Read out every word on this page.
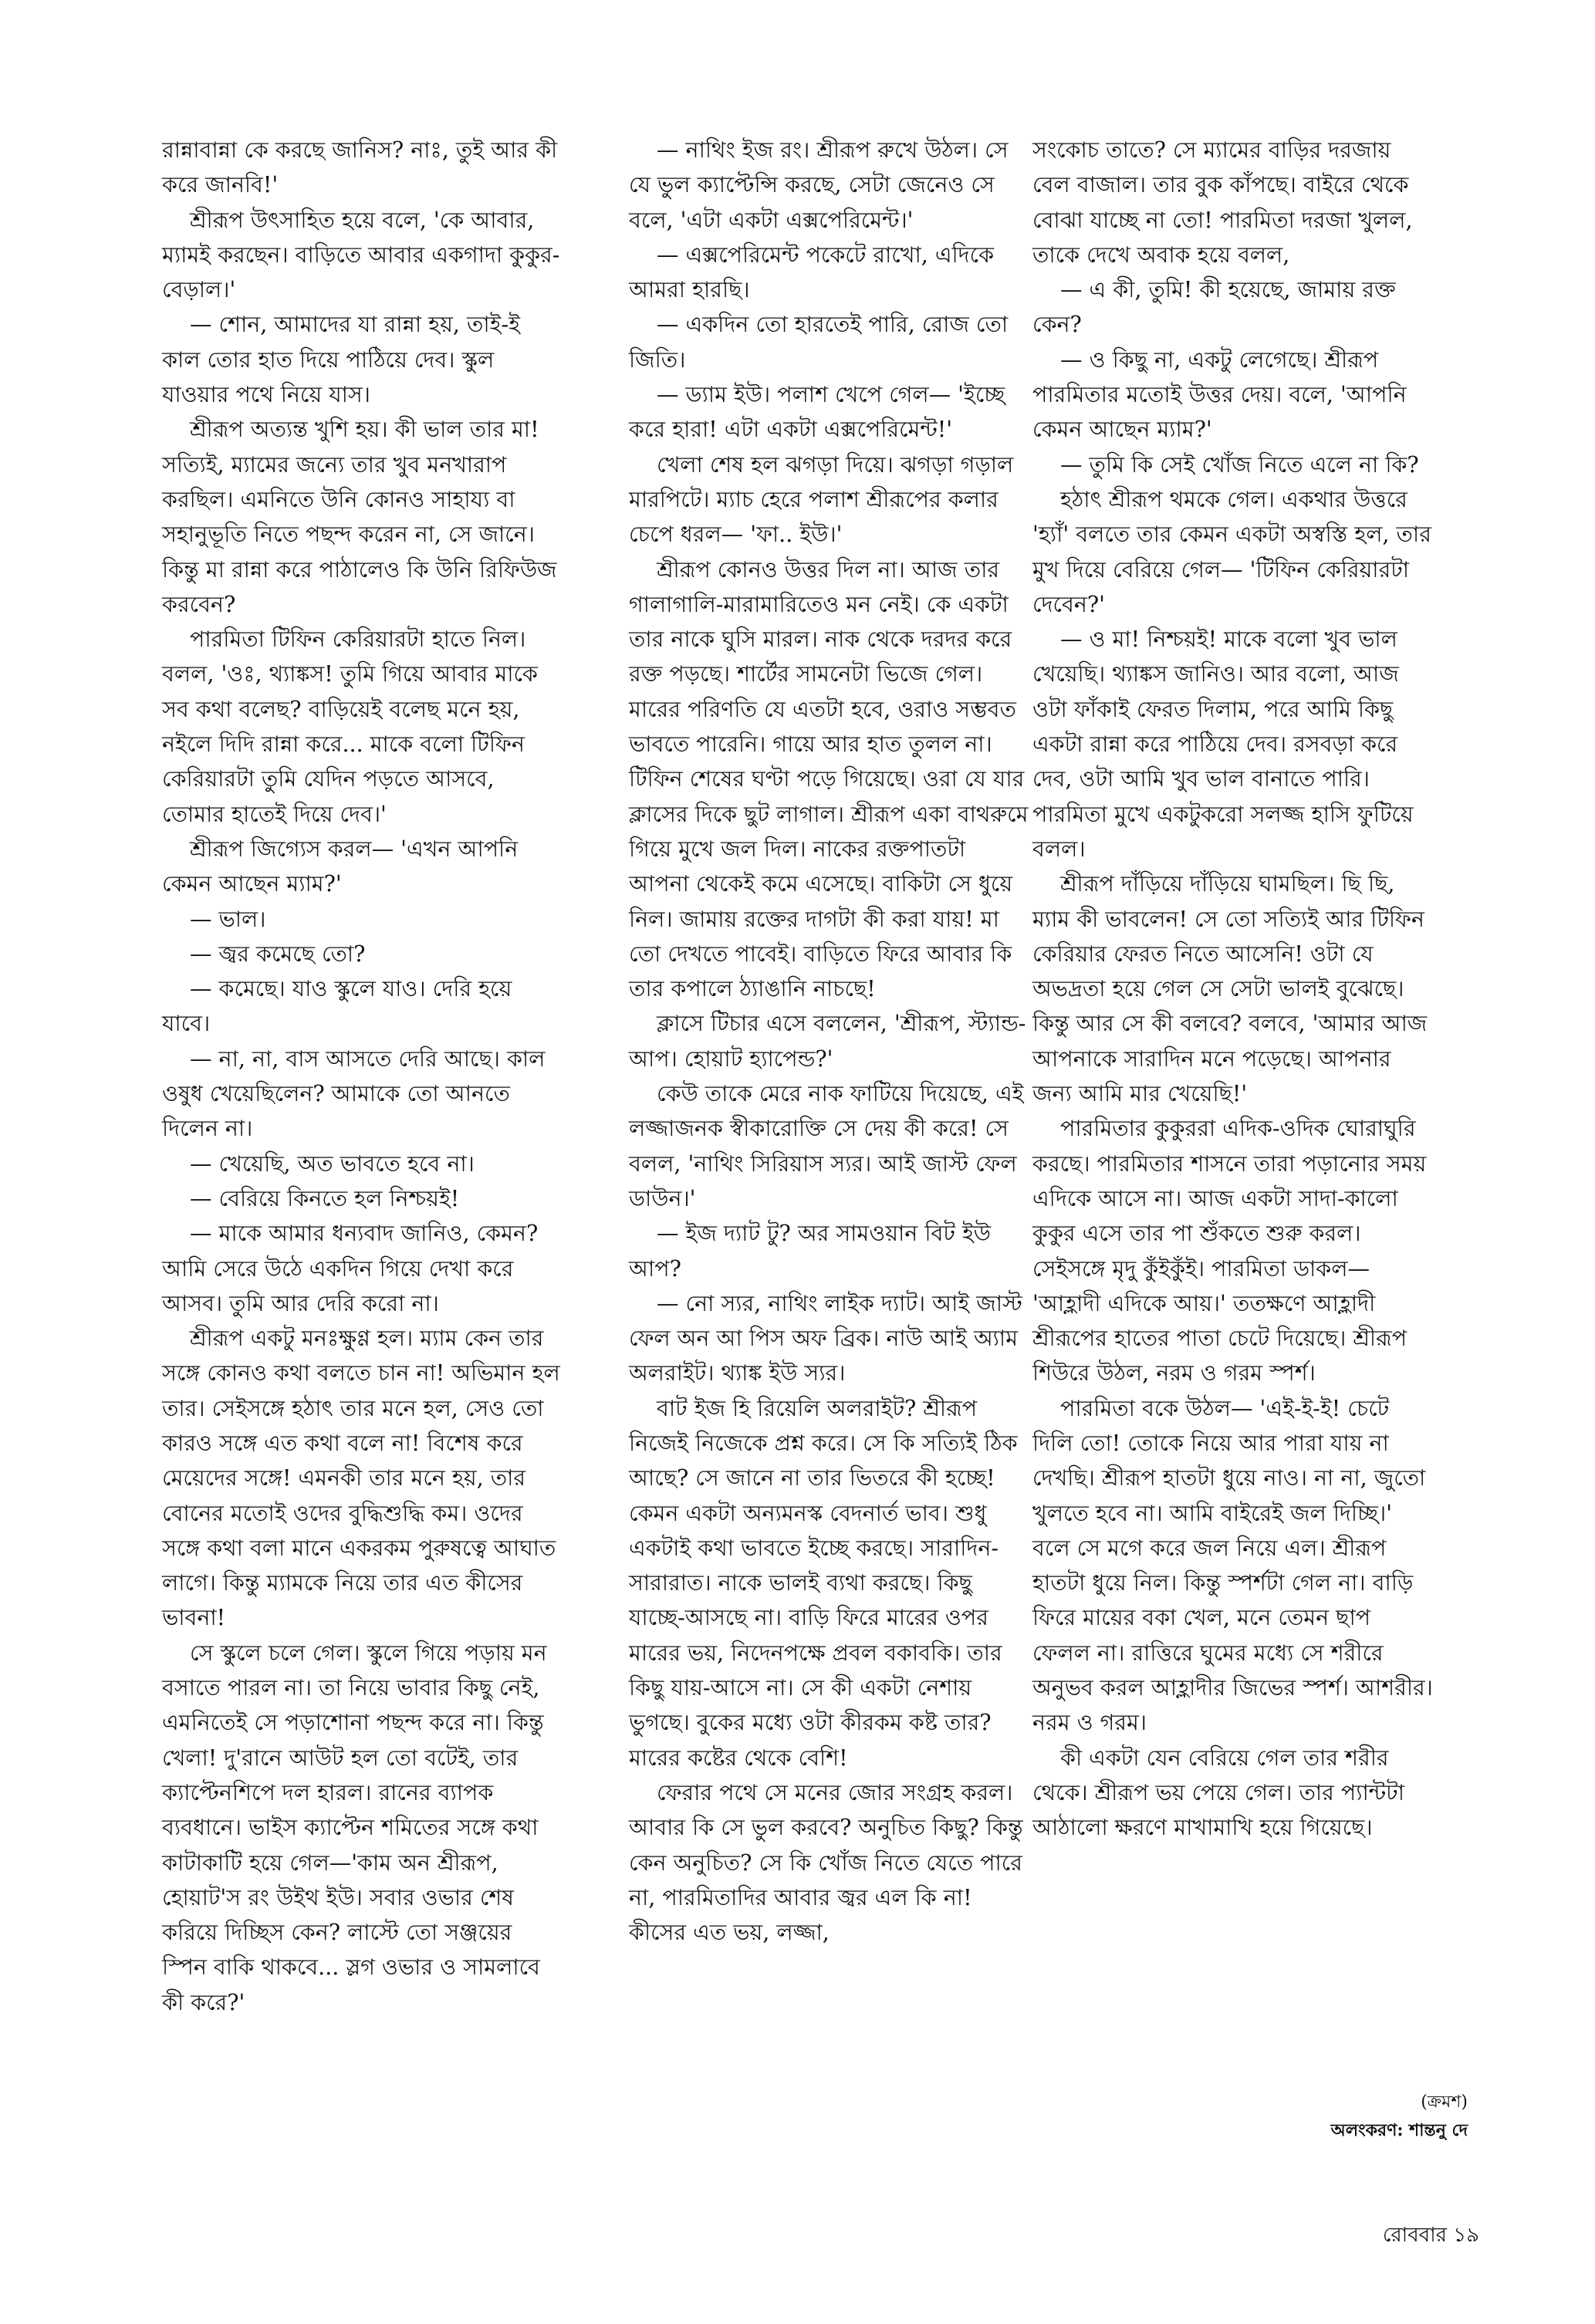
রান্নাবান্না কে করছে জানিস? নাঃ, তুই আর কী করে জানবি!'

শ্রীরূপ উৎসাহিত হয়ে বলে, 'কে আবার, ম্যামই করছেন। বাড়িতে আবার একগাদা কুকুর-বেড়াল।'

— শোন, আমাদের যা রান্না হয়, তাই-ই কাল তোর হাত দিয়ে পাঠিয়ে দেব। স্কুল যাওয়ার পথে নিয়ে যাস।

শ্রীরূপ অত্যন্ত খুশি হয়। কী ভাল তার মা! সত্যিই, ম্যামের জন্যে তার খুব মনখারাপ করছিল। এমনিতে উনি কোনও সাহায্য বা সহানুভূতি নিতে পছন্দ করেন না, সে জানে। কিন্তু মা রান্না করে পাঠালেও কি উনি রিফিউজ করবেন?

পারমিতা টিফিন কেরিয়ারটা হাতে নিল। বলল, 'ওঃ, থ্যাঙ্কস! তুমি গিয়ে আবার মাকে সব কথা বলেছ? বাড়িয়েই বলেছ মনে হয়, নইলে দিদি রান্না করে... মাকে বলো টিফিন কেরিয়ারটা তুমি যেদিন পড়তে আসবে, তোমার হাতেই দিয়ে দেব।'

শ্রীরূপ জিগ্যেস করল— 'এখন আপনি কেমন আছেন ম্যাম?'

— ভাল।

— জ্বর কমেছে তো?

— কমেছে। যাও স্কুলে যাও। দেরি হয়ে যাবে।

— না, না, বাস আসতে দেরি আছে। কাল ওষুধ খেয়েছিলেন? আমাকে তো আনতে দিলেন না।

— খেয়েছি, অত ভাবতে হবে না।

— বেরিয়ে কিনতে হল নিশ্চয়ই!

— মাকে আমার ধন্যবাদ জানিও, কেমন? আমি সেরে উঠে একদিন গিয়ে দেখা করে আসব। তুমি আর দেরি করো না।

শ্রীরূপ একটু মনঃক্ষুণ্ণ হল। ম্যাম কেন তার সঙ্গে কোনও কথা বলতে চান না! অভিমান হল তার। সেইসঙ্গে হঠাৎ তার মনে হল, সেও তো কারও সঙ্গে এত কথা বলে না! বিশেষ করে মেয়েদের সঙ্গে! এমনকী তার মনে হয়, তার বোনের মতোই ওদের বুদ্ধিশুদ্ধি কম। ওদের সঙ্গে কথা বলা মানে একরকম পুরুষত্বে আঘাত লাগে। কিন্তু ম্যামকে নিয়ে তার এত কীসের ভাবনা!

সে স্কুলে চলে গেল। স্কুলে গিয়ে পড়ায় মন বসাতে পারল না। তা নিয়ে ভাবার কিছু নেই, এমনিতেই সে পড়াশোনা পছন্দ করে না। কিন্তু খেলা! দু'রানে আউট হল তো বটেই, তার ক্যাপ্টেনশিপে দল হারল। রানের ব্যাপক ব্যবধানে। ভাইস ক্যাপ্টেন শমিতের সঙ্গে কথা কাটাকাটি হয়ে গেল—'কাম অন শ্রীরূপ, হোয়াট'স রং উইথ ইউ। সবার ওভার শেষ করিয়ে দিচ্ছিস কেন? লাস্টে তো সঞ্জয়ের স্পিন বাকি থাকবে... স্লগ ওভার ও সামলাবে কী করে?'

— নাথিং ইজ রং। শ্রীরূপ রুখে উঠল। সে যে ভুল ক্যাপ্টেন্সি করছে, সেটা জেনেও সে বলে, 'এটা একটা এক্সপেরিমেন্ট।'

— এক্সপেরিমেন্ট পকেটে রাখো, এদিকে আমরা হারছি।

— একদিন তো হারতেই পারি, রোজ তো জিতি।

— ড্যাম ইউ। পলাশ খেপে গেল— 'ইচ্ছে করে হারা! এটা একটা এক্সপেরিমেন্ট!'

খেলা শেষ হল ঝগড়া দিয়ে। ঝগড়া গড়াল মারপিটে। ম্যাচ হেরে পলাশ শ্রীরূপের কলার চেপে ধরল— 'ফা.. ইউ।'

শ্রীরূপ কোনও উত্তর দিল না। আজ তার গালাগালি-মারামারিতেও মন নেই। কে একটা তার নাকে ঘুসি মারল। নাক থেকে দরদর করে রক্ত পড়ছে। শার্টের সামনেটা ভিজে গেল। মারের পরিণতি যে এতটা হবে, ওরাও সম্ভবত ভাবতে পারেনি। গায়ে আর হাত তুলল না। টিফিন শেষের ঘণ্টা পড়ে গিয়েছে। ওরা যে যার ক্লাসের দিকে ছুট লাগাল। শ্রীরূপ একা বাথরুমে গিয়ে মুখে জল দিল। নাকের রক্তপাতটা আপনা থেকেই কমে এসেছে। বাকিটা সে ধুয়ে নিল। জামায় রক্তের দাগটা কী করা যায়! মা তো দেখতে পাবেই। বাড়িতে ফিরে আবার কি তার কপালে ঠ্যাঙানি নাচছে!

ক্লাসে টিচার এসে বললেন, 'শ্রীরূপ, স্ট্যান্ড-আপ। হোয়াট হ্যাপেন্ড?'

কেউ তাকে মেরে নাক ফাটিয়ে দিয়েছে, এই লজ্জাজনক স্বীকারোক্তি সে দেয় কী করে! সে বলল, 'নাথিং সিরিয়াস স্যর। আই জাস্ট ফেল ডাউন।'

— ইজ দ্যাট টু? অর সামওয়ান বিট ইউ আপ?

— নো স্যর, নাথিং লাইক দ্যাট। আই জাস্ট ফেল অন আ পিস অফ ব্রিক। নাউ আই অ্যাম অলরাইট। থ্যাঙ্ক ইউ স্যর।

বাট ইজ হি রিয়েলি অলরাইট? শ্রীরূপ নিজেই নিজেকে প্রশ্ন করে। সে কি সত্যিই ঠিক আছে? সে জানে না তার ভিতরে কী হচ্ছে! কেমন একটা অন্যমনস্ক বেদনার্ত ভাব। শুধু একটাই কথা ভাবতে ইচ্ছে করছে। সারাদিন-সারারাত। নাকে ভালই ব্যথা করছে। কিছু যাচ্ছে-আসছে না। বাড়ি ফিরে মারের ওপর মারের ভয়, নিদেনপক্ষে প্রবল বকাবকি। তার কিছু যায়-আসে না। সে কী একটা নেশায় ভুগছে। বুকের মধ্যে ওটা কীরকম কষ্ট তার? মারের কষ্টের থেকে বেশি!

ফেরার পথে সে মনের জোর সংগ্রহ করল। আবার কি সে ভুল করবে? অনুচিত কিছু? কিন্তু কেন অনুচিত? সে কি খোঁজ নিতে যেতে পারে না, পারমিতাদির আবার জ্বর এল কি না! কীসের এত ভয়, লজ্জা,

সংকোচ তাতে? সে ম্যামের বাড়ির দরজায় বেল বাজাল। তার বুক কাঁপছে। বাইরে থেকে বোঝা যাচ্ছে না তো! পারমিতা দরজা খুলল, তাকে দেখে অবাক হয়ে বলল,

— এ কী, তুমি! কী হয়েছে, জামায় রক্ত কেন?

— ও কিছু না, একটু লেগেছে। শ্রীরূপ পারমিতার মতোই উত্তর দেয়। বলে, 'আপনি কেমন আছেন ম্যাম?'

— তুমি কি সেই খোঁজ নিতে এলে না কি?

হঠাৎ শ্রীরূপ থমকে গেল। একথার উত্তরে 'হ্যাঁ' বলতে তার কেমন একটা অস্বস্তি হল, তার মুখ দিয়ে বেরিয়ে গেল— 'টিফিন কেরিয়ারটা দেবেন?'

— ও মা! নিশ্চয়ই! মাকে বলো খুব ভাল খেয়েছি। থ্যাঙ্কস জানিও। আর বলো, আজ ওটা ফাঁকাই ফেরত দিলাম, পরে আমি কিছু একটা রান্না করে পাঠিয়ে দেব। রসবড়া করে দেব, ওটা আমি খুব ভাল বানাতে পারি। পারমিতা মুখে একটুকরো সলজ্জ হাসি ফুটিয়ে বলল।

শ্রীরূপ দাঁড়িয়ে দাঁড়িয়ে ঘামছিল। ছি ছি, ম্যাম কী ভাবলেন! সে তো সত্যিই আর টিফিন কেরিয়ার ফেরত নিতে আসেনি! ওটা যে অভদ্রতা হয়ে গেল সে সেটা ভালই বুঝেছে। কিন্তু আর সে কী বলবে? বলবে, 'আমার আজ আপনাকে সারাদিন মনে পড়েছে। আপনার জন্য আমি মার খেয়েছি!'

পারমিতার কুকুররা এদিক-ওদিক ঘোরাঘুরি করছে। পারমিতার শাসনে তারা পড়ানোর সময় এদিকে আসে না। আজ একটা সাদা-কালো কুকুর এসে তার পা শুঁকতে শুরু করল। সেইসঙ্গে মৃদু কুঁইকুঁই। পারমিতা ডাকল— 'আহ্লাদী এদিকে আয়।' ততক্ষণে আহ্লাদী শ্রীরূপের হাতের পাতা চেটে দিয়েছে। শ্রীরূপ শিউরে উঠল, নরম ও গরম স্পর্শ।

পারমিতা বকে উঠল— 'এই-ই-ই! চেটে দিলি তো! তোকে নিয়ে আর পারা যায় না দেখছি। শ্রীরূপ হাতটা ধুয়ে নাও। না না, জুতো খুলতে হবে না। আমি বাইরেই জল দিচ্ছি।' বলে সে মগে করে জল নিয়ে এল। শ্রীরূপ হাতটা ধুয়ে নিল। কিন্তু স্পর্শটা গেল না। বাড়ি ফিরে মায়ের বকা খেল, মনে তেমন ছাপ ফেলল না। রাত্তিরে ঘুমের মধ্যে সে শরীরে অনুভব করল আহ্লাদীর জিভের স্পর্শ। আশরীর। নরম ও গরম।

কী একটা যেন বেরিয়ে গেল তার শরীর থেকে। শ্রীরূপ ভয় পেয়ে গেল। তার প্যান্টটা আঠালো ক্ষরণে মাখামাখি হয়ে গিয়েছে।

(ক্রমশ)
অলংকরণ: শান্তনু দে
রোববার ১৯
